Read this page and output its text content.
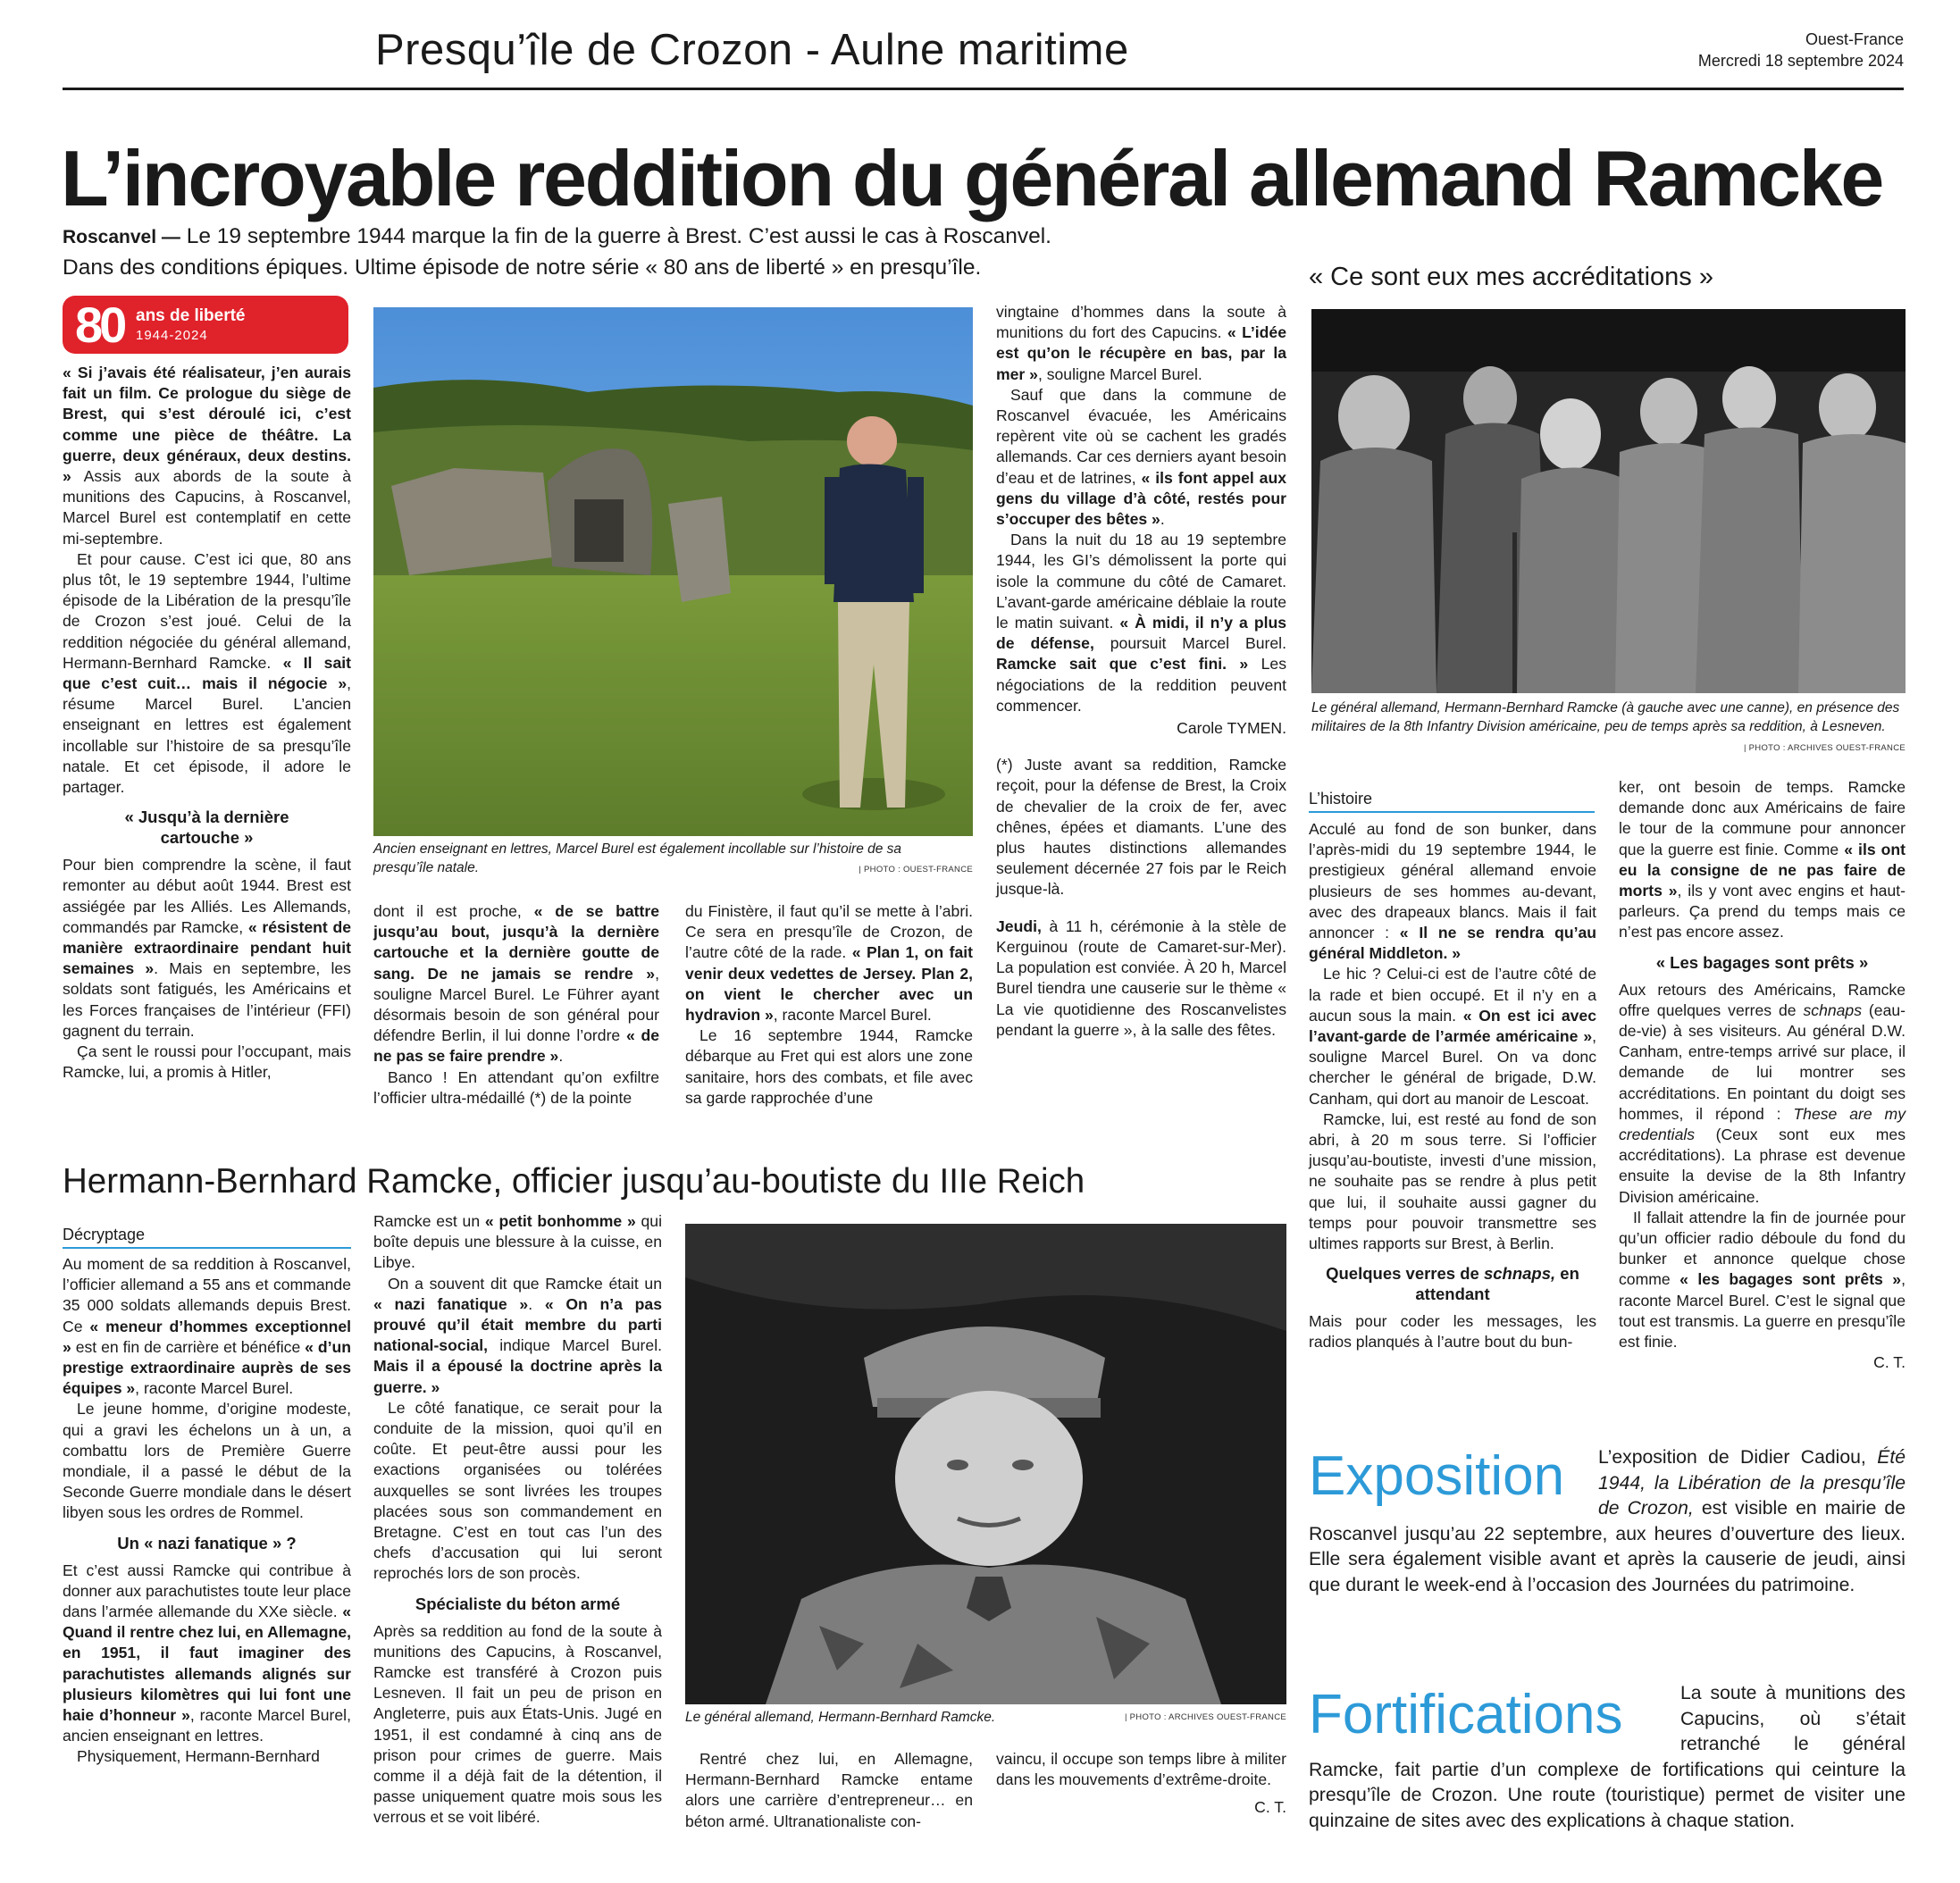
Presqu’île de Crozon - Aulne maritime	Ouest-France
Mercredi 18 septembre 2024
L’incroyable reddition du général allemand Ramcke
Roscanvel — Le 19 septembre 1944 marque la fin de la guerre à Brest. C’est aussi le cas à Roscanvel.
Dans des conditions épiques. Ultime épisode de notre série « 80 ans de liberté » en presqu’île.
80 ans de liberté
1944-2024

« Si j’avais été réalisateur, j’en aurais fait un film. Ce prologue du siège de Brest, qui s’est déroulé ici, c’est comme une pièce de théâtre. La guerre, deux généraux, deux destins. » Assis aux abords de la soute à munitions des Capucins, à Roscanvel, Marcel Burel est contemplatif en cette mi-septembre.

Et pour cause. C’est ici que, 80 ans plus tôt, le 19 septembre 1944, l’ultime épisode de la Libération de la presqu’île de Crozon s’est joué. Celui de la reddition négociée du général allemand, Hermann-Bernhard Ramcke. « Il sait que c’est cuit… mais il négocie », résume Marcel Burel. L’ancien enseignant en lettres est également incollable sur l’histoire de sa presqu’île natale. Et cet épisode, il adore le partager.

« Jusqu’à la dernière cartouche »

Pour bien comprendre la scène, il faut remonter au début août 1944. Brest est assiégée par les Alliés. Les Allemands, commandés par Ramcke, « résistent de manière extraordinaire pendant huit semaines ». Mais en septembre, les soldats sont fatigués, les Américains et les Forces françaises de l’intérieur (FFI) gagnent du terrain.

Ça sent le roussi pour l’occupant, mais Ramcke, lui, a promis à Hitler,

Ancien enseignant en lettres, Marcel Burel est également incollable sur l’histoire de sa presqu’île natale.	| PHOTO : OUEST-FRANCE

dont il est proche, « de se battre jusqu’au bout, jusqu’à la dernière cartouche et la dernière goutte de sang. De ne jamais se rendre », souligne Marcel Burel. Le Führer ayant désormais besoin de son général pour défendre Berlin, il lui donne l’ordre « de ne pas se faire prendre ».

Banco ! En attendant qu’on exfiltre l’officier ultra-médaillé (*) de la pointe

du Finistère, il faut qu’il se mette à l’abri. Ce sera en presqu’île de Crozon, de l’autre côté de la rade. « Plan 1, on fait venir deux vedettes de Jersey. Plan 2, on vient le chercher avec un hydravion », raconte Marcel Burel.

Le 16 septembre 1944, Ramcke débarque au Fret qui est alors une zone sanitaire, hors des combats, et file avec sa garde rapprochée d’une

vingtaine d’hommes dans la soute à munitions du fort des Capucins. « L’idée est qu’on le récupère en bas, par la mer », souligne Marcel Burel.

Sauf que dans la commune de Roscanvel évacuée, les Américains repèrent vite où se cachent les gradés allemands. Car ces derniers ayant besoin d’eau et de latrines, « ils font appel aux gens du village d’à côté, restés pour s’occuper des bêtes ».

Dans la nuit du 18 au 19 septembre 1944, les GI’s démolissent la porte qui isole la commune du côté de Camaret. L’avant-garde américaine déblaie la route le matin suivant. « À midi, il n’y a plus de défense, poursuit Marcel Burel. Ramcke sait que c’est fini. » Les négociations de la reddition peuvent commencer.

Carole TYMEN.

(*) Juste avant sa reddition, Ramcke reçoit, pour la défense de Brest, la Croix de chevalier de la croix de fer, avec chênes, épées et diamants. L’une des plus hautes distinctions allemandes seulement décernée 27 fois par le Reich jusque-là.

Jeudi, à 11 h, cérémonie à la stèle de Kerguinou (route de Camaret-sur-Mer). La population est conviée. À 20 h, Marcel Burel tiendra une causerie sur le thème « La vie quotidienne des Roscanvelistes pendant la guerre », à la salle des fêtes.

« Ce sont eux mes accréditations »
Le général allemand, Hermann-Bernhard Ramcke (à gauche avec une canne), en présence des militaires de la 8th Infantry Division américaine, peu de temps après sa reddition, à Lesneven.
| PHOTO : ARCHIVES OUEST-FRANCE
L’histoire

Acculé au fond de son bunker, dans l’après-midi du 19 septembre 1944, le prestigieux général allemand envoie plusieurs de ses hommes au-devant, avec des drapeaux blancs. Mais il fait annoncer : « Il ne se rendra qu’au général Middleton. »

Le hic ? Celui-ci est de l’autre côté de la rade et bien occupé. Et il n’y en a aucun sous la main. « On est ici avec l’avant-garde de l’armée américaine », souligne Marcel Burel. On va donc chercher le général de brigade, D.W. Canham, qui dort au manoir de Lescoat.

Ramcke, lui, est resté au fond de son abri, à 20 m sous terre. Si l’officier jusqu’au-boutiste, investi d’une mission, ne souhaite pas se rendre à plus petit que lui, il souhaite aussi gagner du temps pour pouvoir transmettre ses ultimes rapports sur Brest, à Berlin.

Quelques verres de schnaps, en attendant

Mais pour coder les messages, les radios planqués à l’autre bout du bun-

ker, ont besoin de temps. Ramcke demande donc aux Américains de faire le tour de la commune pour annoncer que la guerre est finie. Comme « ils ont eu la consigne de ne pas faire de morts », ils y vont avec engins et haut-parleurs. Ça prend du temps mais ce n’est pas encore assez.

« Les bagages sont prêts »

Aux retours des Américains, Ramcke offre quelques verres de schnaps (eau-de-vie) à ses visiteurs. Au général D.W. Canham, entre-temps arrivé sur place, il demande de lui montrer ses accréditations. En pointant du doigt ses hommes, il répond : These are my credentials (Ceux sont eux mes accréditations). La phrase est devenue ensuite la devise de la 8th Infantry Division américaine.

Il fallait attendre la fin de journée pour qu’un officier radio déboule du fond du bunker et annonce quelque chose comme « les bagages sont prêts », raconte Marcel Burel. C’est le signal que tout est transmis. La guerre en presqu’île est finie.

C. T.
Hermann-Bernhard Ramcke, officier jusqu’au-boutiste du IIIe Reich
Décryptage

Au moment de sa reddition à Roscanvel, l’officier allemand a 55 ans et commande 35 000 soldats allemands depuis Brest. Ce « meneur d’hommes exceptionnel » est en fin de carrière et bénéfice « d’un prestige extraordinaire auprès de ses équipes », raconte Marcel Burel.

Le jeune homme, d’origine modeste, qui a gravi les échelons un à un, a combattu lors de Première Guerre mondiale, il a passé le début de la Seconde Guerre mondiale dans le désert libyen sous les ordres de Rommel.

Un « nazi fanatique » ?

Et c’est aussi Ramcke qui contribue à donner aux parachutistes toute leur place dans l’armée allemande du XXe siècle. « Quand il rentre chez lui, en Allemagne, en 1951, il faut imaginer des parachutistes allemands alignés sur plusieurs kilomètres qui lui font une haie d’honneur », raconte Marcel Burel, ancien enseignant en lettres.

Physiquement, Hermann-Bernhard

Ramcke est un « petit bonhomme » qui boîte depuis une blessure à la cuisse, en Libye.

On a souvent dit que Ramcke était un « nazi fanatique ». « On n’a pas prouvé qu’il était membre du parti national-social, indique Marcel Burel. Mais il a épousé la doctrine après la guerre. »

Le côté fanatique, ce serait pour la conduite de la mission, quoi qu’il en coûte. Et peut-être aussi pour les exactions organisées ou tolérées auxquelles se sont livrées les troupes placées sous son commandement en Bretagne. C’est en tout cas l’un des chefs d’accusation qui lui seront reprochés lors de son procès.

Spécialiste du béton armé

Après sa reddition au fond de la soute à munitions des Capucins, à Roscanvel, Ramcke est transféré à Crozon puis Lesneven. Il fait un peu de prison en Angleterre, puis aux États-Unis. Jugé en 1951, il est condamné à cinq ans de prison pour crimes de guerre. Mais comme il a déjà fait de la détention, il passe uniquement quatre mois sous les verrous et se voit libéré.

Le général allemand, Hermann-Bernhard Ramcke.	| PHOTO : ARCHIVES OUEST-FRANCE

Rentré chez lui, en Allemagne, Hermann-Bernhard Ramcke entame alors une carrière d’entrepreneur… en béton armé. Ultranationaliste con-

vaincu, il occupe son temps libre à militer dans les mouvements d’extrême-droite.

C. T.
Exposition	L’exposition de Didier Cadiou, Été 1944, la Libération de la presqu’île de Crozon, est visible en mairie de Roscanvel jusqu’au 22 septembre, aux heures d’ouverture des lieux. Elle sera également visible avant et après la causerie de jeudi, ainsi que durant le week-end à l’occasion des Journées du patrimoine.
Fortifications	La soute à munitions des Capucins, où s’était retranché le général Ramcke, fait partie d’un complexe de fortifications qui ceinture la presqu’île de Crozon. Une route (touristique) permet de visiter une quinzaine de sites avec des explications à chaque station.
